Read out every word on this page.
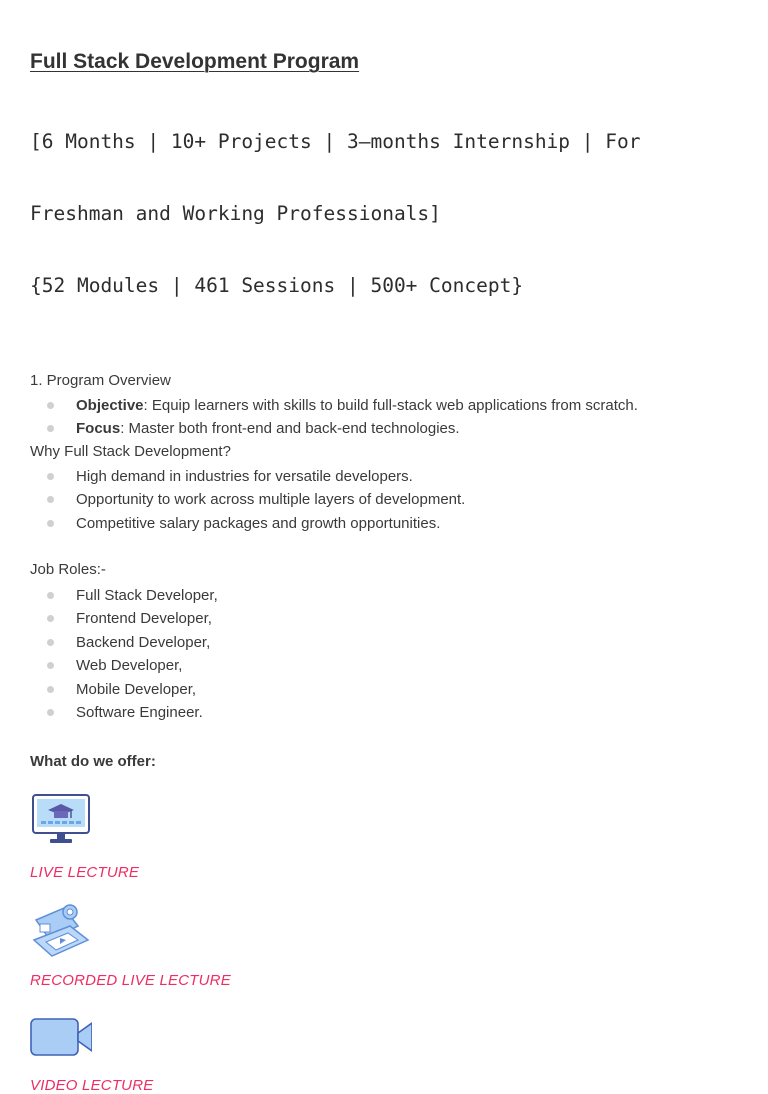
Full Stack Development Program

[6 Months | 10+ Projects | 3—months Internship | For

Freshman and Working Professionals]

{52 Modules | 461 Sessions | 500+ Concept}

1. Program Overview

Objective: Equip learners with skills to build full-stack web applications from scratch.
Focus: Master both front-end and back-end technologies.

Why Full Stack Development?

High demand in industries for versatile developers.
Opportunity to work across multiple layers of development.
Competitive salary packages and growth opportunities.

Job Roles:-

Full Stack Developer,
Frontend Developer,
Backend Developer,
Web Developer,
Mobile Developer,
Software Engineer.

What do we offer:

LIVE LECTURE

RECORDED LIVE LECTURE

VIDEO LECTURE
